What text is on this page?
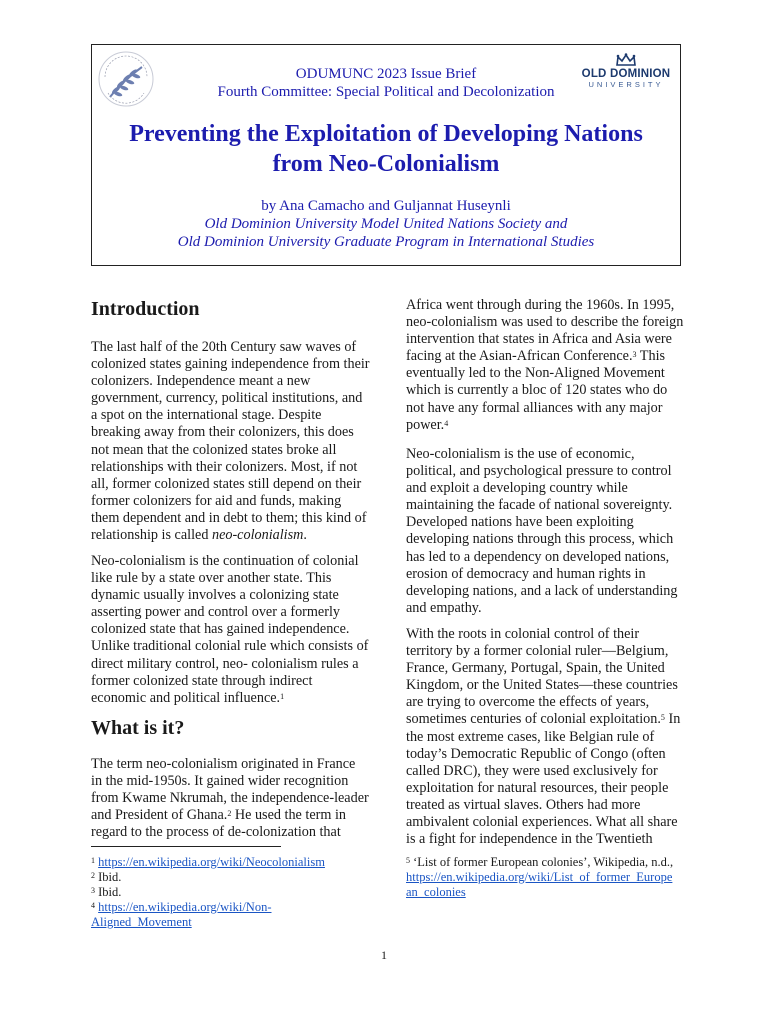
OLD DOMINION
UNIVERSITY
ODUMUNC 2023 Issue Brief
Fourth Committee: Special Political and Decolonization
Preventing the Exploitation of Developing Nations
from Neo-Colonialism
by Ana Camacho and Guljannat Huseynli
Old Dominion University Model United Nations Society and
Old Dominion University Graduate Program in International Studies
Introduction

The last half of the 20th Century saw waves of
colonized states gaining independence from their
colonizers. Independence meant a new
government, currency, political institutions, and
a spot on the international stage. Despite
breaking away from their colonizers, this does
not mean that the colonized states broke all
relationships with their colonizers. Most, if not
all, former colonized states still depend on their
former colonizers for aid and funds, making
them dependent and in debt to them; this kind of

relationship is called neo-colonialism.

Neo-colonialism is the continuation of colonial
like rule by a state over another state. This
dynamic usually involves a colonizing state
asserting power and control over a formerly
colonized state that has gained independence.
Unlike traditional colonial rule which consists of
direct military control, neo- colonialism rules a
former colonized state through indirect

economic and political influence.$^1$

What is it?

The term neo-colonialism originated in France

in the mid-1950s. It gained wider recognition

from Kwame Nkrumah, the independence-leader

and President of Ghana.$^2$ He used the term in

regard to the process of de-colonization that

$^1$ https://en.wikipedia.org/wiki/Neocolonialism
$^2$ Ibid.
$^3$ Ibid.
$^4$ https://en.wikipedia.org/wiki/Non-
Aligned_Movement

Africa went through during the 1960s. In 1995,

neo-colonialism was used to describe the foreign

intervention that states in Africa and Asia were

facing at the Asian-African Conference.$^3$ This

eventually led to the Non-Aligned Movement

which is currently a bloc of 120 states who do

not have any formal alliances with any major

power.$^4$

Neo-colonialism is the use of economic,
political, and psychological pressure to control
and exploit a developing country while
maintaining the facade of national sovereignty.
Developed nations have been exploiting
developing nations through this process, which
has led to a dependency on developed nations,
erosion of democracy and human rights in
developing nations, and a lack of understanding
and empathy.

With the roots in colonial control of their

territory by a former colonial ruler—Belgium,

France, Germany, Portugal, Spain, the United

Kingdom, or the United States—these countries

are trying to overcome the effects of years,

sometimes centuries of colonial exploitation.$^5$ In

the most extreme cases, like Belgian rule of

today’s Democratic Republic of Congo (often

called DRC), they were used exclusively for

exploitation for natural resources, their people

treated as virtual slaves. Others had more

ambivalent colonial experiences. What all share

is a fight for independence in the Twentieth

$^5$ ‘List of former European colonies’, Wikipedia, n.d.,
https://en.wikipedia.org/wiki/List_of_former_Europe
an_colonies
1
